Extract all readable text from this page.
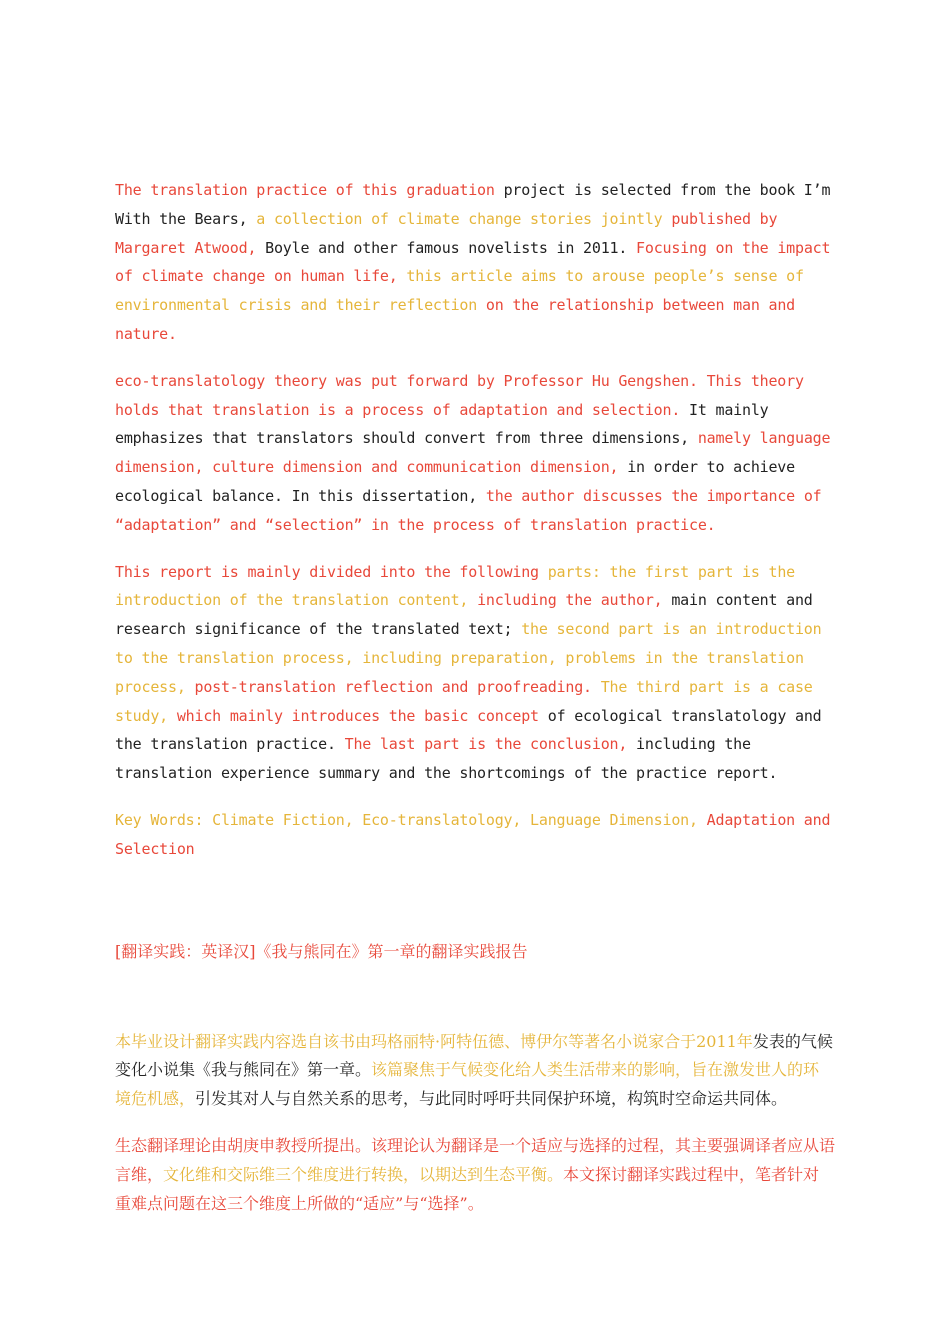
The translation practice of this graduation project is selected from the book I’m With the Bears, a collection of climate change stories jointly published by Margaret Atwood, Boyle and other famous novelists in 2011. Focusing on the impact of climate change on human life, this article aims to arouse people’s sense of environmental crisis and their reflection on the relationship between man and nature.

eco-translatology theory was put forward by Professor Hu Gengshen. This theory holds that translation is a process of adaptation and selection. It mainly emphasizes that translators should convert from three dimensions, namely language dimension, culture dimension and communication dimension, in order to achieve ecological balance. In this dissertation, the author discusses the importance of “adaptation” and “selection” in the process of translation practice.

This report is mainly divided into the following parts: the first part is the introduction of the translation content, including the author, main content and research significance of the translated text; the second part is an introduction to the translation process, including preparation, problems in the translation process, post-translation reflection and proofreading. The third part is a case study, which mainly introduces the basic concept of ecological translatology and the translation practice. The last part is the conclusion, including the translation experience summary and the shortcomings of the practice report.

Key Words: Climate Fiction, Eco-translatology, Language Dimension, Adaptation and Selection

[翻译实践：英译汉]《我与熊同在》第一章的翻译实践报告

本毕业设计翻译实践内容选自该书由玛格丽特·阿特伍德、博伊尔等著名小说家合于2011年发表的气候变化小说集《我与熊同在》第一章。该篇聚焦于气候变化给人类生活带来的影响，旨在激发世人的环境危机感，引发其对人与自然关系的思考，与此同时呼吁共同保护环境，构筑时空命运共同体。

生态翻译理论由胡庚申教授所提出。该理论认为翻译是一个适应与选择的过程，其主要强调译者应从语言维，文化维和交际维三个维度进行转换，以期达到生态平衡。本文探讨翻译实践过程中，笔者针对重难点问题在这三个维度上所做的“适应”与“选择”。
